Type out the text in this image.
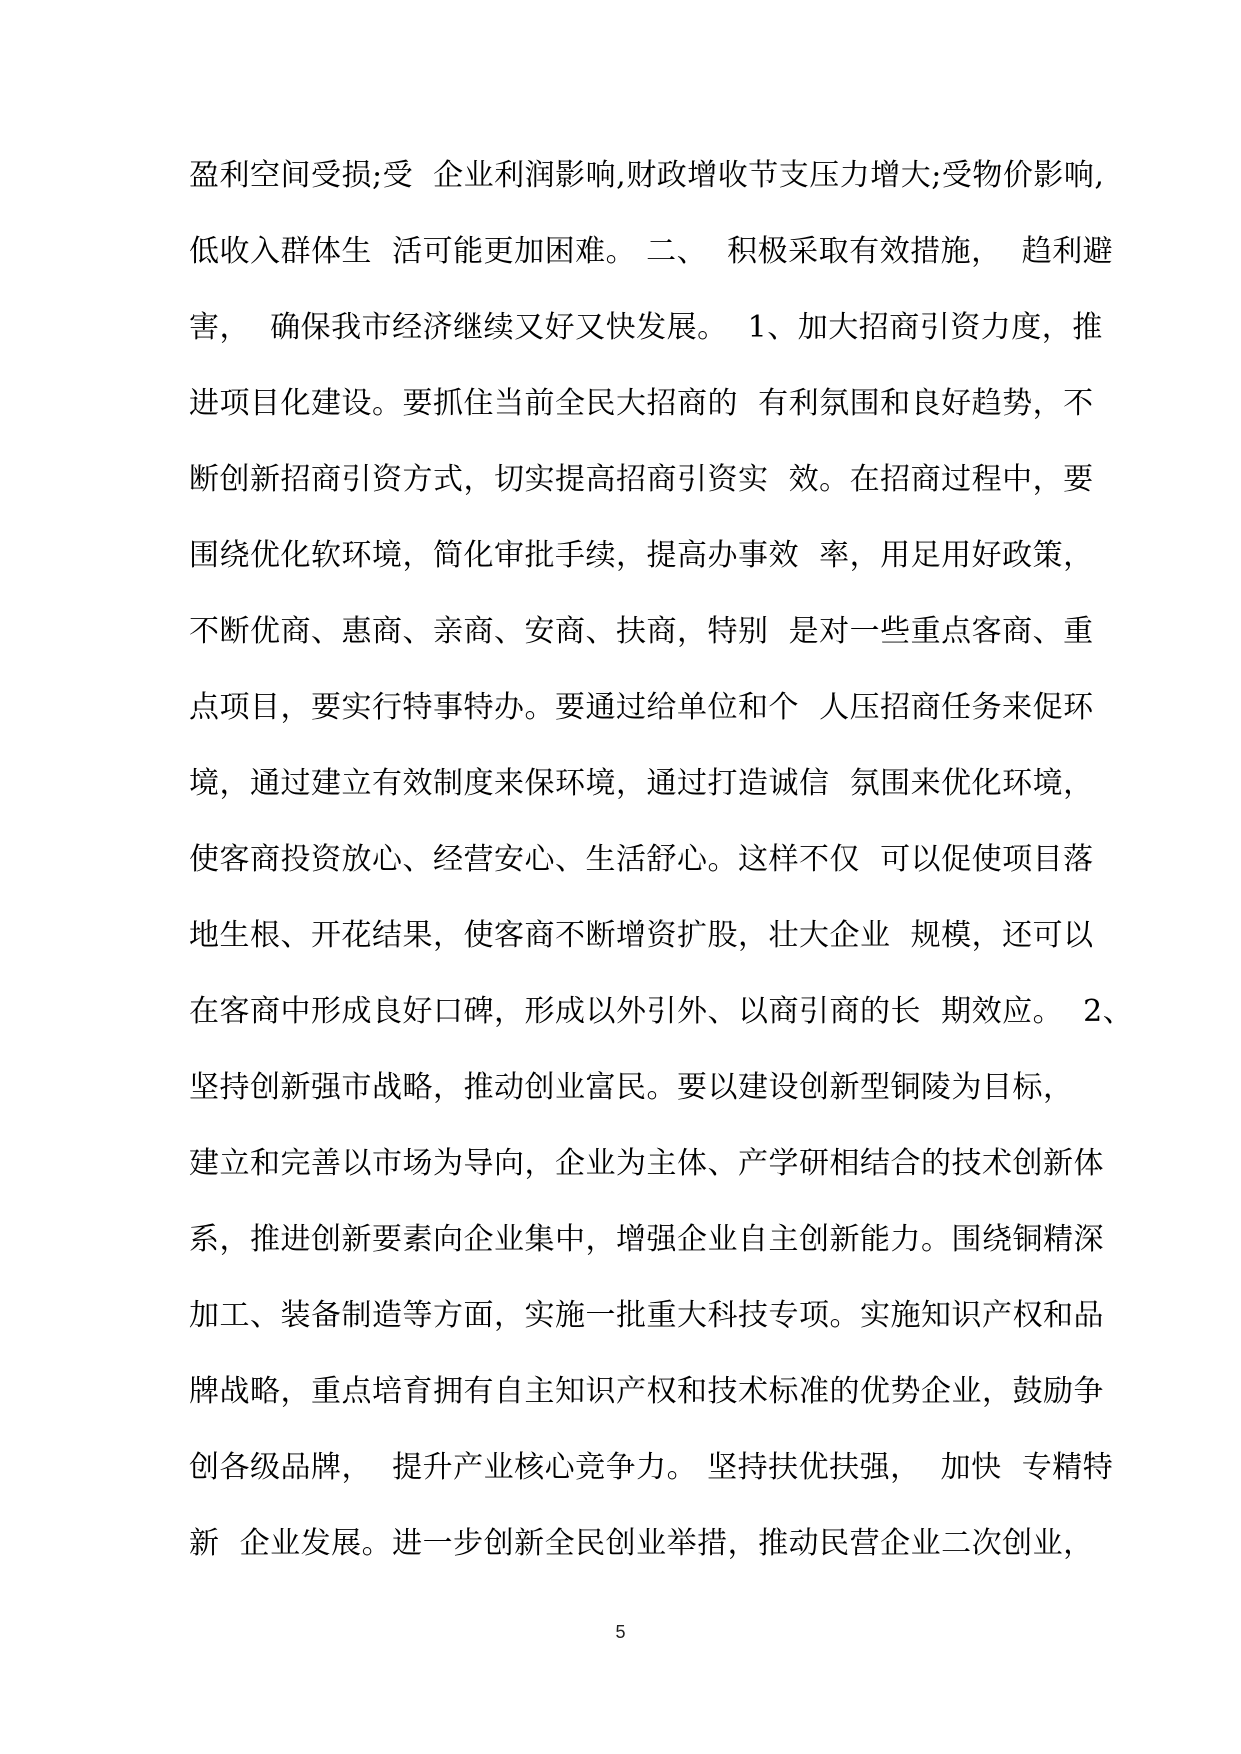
盈利空间受损;受  企业利润影响,财政增收节支压力增大;受物价影响,
低收入群体生  活可能更加困难。 二、  积极采取有效措施，  趋利避
害，  确保我市经济继续又好又快发展。  1、加大招商引资力度，推
进项目化建设。要抓住当前全民大招商的  有利氛围和良好趋势，不
断创新招商引资方式，切实提高招商引资实  效。在招商过程中，要
围绕优化软环境，简化审批手续，提高办事效  率，用足用好政策，
不断优商、惠商、亲商、安商、扶商，特别  是对一些重点客商、重
点项目，要实行特事特办。要通过给单位和个  人压招商任务来促环
境，通过建立有效制度来保环境，通过打造诚信  氛围来优化环境，
使客商投资放心、经营安心、生活舒心。这样不仅  可以促使项目落
地生根、开花结果，使客商不断增资扩股，壮大企业  规模，还可以
在客商中形成良好口碑，形成以外引外、以商引商的长  期效应。  2、
坚持创新强市战略，推动创业富民。要以建设创新型铜陵为目标，
建立和完善以市场为导向，企业为主体、产学研相结合的技术创新体
系，推进创新要素向企业集中，增强企业自主创新能力。围绕铜精深
加工、装备制造等方面，实施一批重大科技专项。实施知识产权和品
牌战略，重点培育拥有自主知识产权和技术标准的优势企业，鼓励争
创各级品牌，  提升产业核心竞争力。 坚持扶优扶强，  加快  专精特
新  企业发展。进一步创新全民创业举措，推动民营企业二次创业，
5
